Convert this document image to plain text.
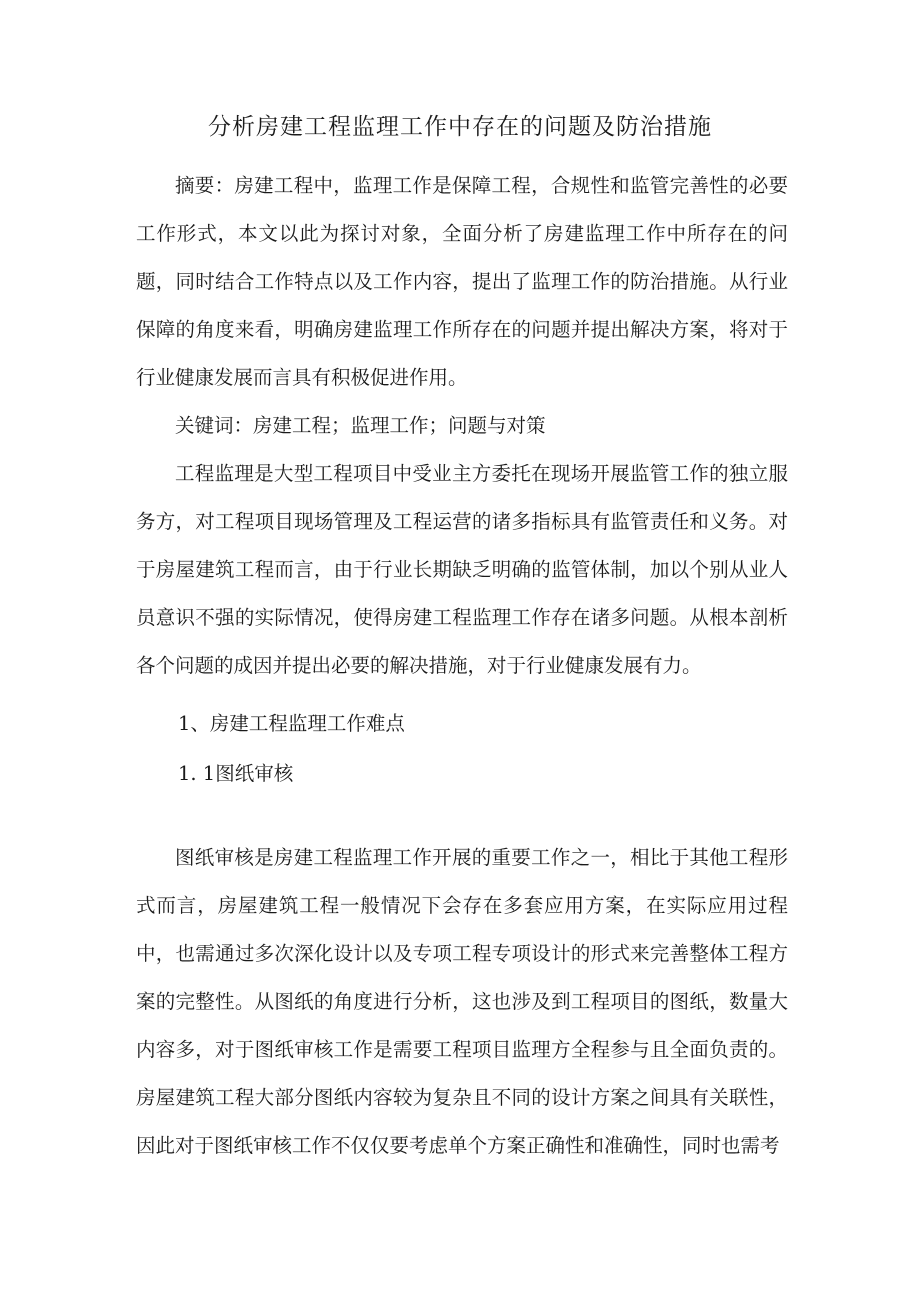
分析房建工程监理工作中存在的问题及防治措施

摘要：房建工程中，监理工作是保障工程，合规性和监管完善性的必要工作形式，本文以此为探讨对象，全面分析了房建监理工作中所存在的问题，同时结合工作特点以及工作内容，提出了监理工作的防治措施。从行业保障的角度来看，明确房建监理工作所存在的问题并提出解决方案，将对于行业健康发展而言具有积极促进作用。

关键词：房建工程；监理工作；问题与对策

工程监理是大型工程项目中受业主方委托在现场开展监管工作的独立服务方，对工程项目现场管理及工程运营的诸多指标具有监管责任和义务。对于房屋建筑工程而言，由于行业长期缺乏明确的监管体制，加以个别从业人员意识不强的实际情况，使得房建工程监理工作存在诸多问题。从根本剖析各个问题的成因并提出必要的解决措施，对于行业健康发展有力。

1、房建工程监理工作难点

1. 1图纸审核

图纸审核是房建工程监理工作开展的重要工作之一，相比于其他工程形式而言，房屋建筑工程一般情况下会存在多套应用方案，在实际应用过程中，也需通过多次深化设计以及专项工程专项设计的形式来完善整体工程方案的完整性。从图纸的角度进行分析，这也涉及到工程项目的图纸，数量大内容多，对于图纸审核工作是需要工程项目监理方全程参与且全面负责的。房屋建筑工程大部分图纸内容较为复杂且不同的设计方案之间具有关联性，因此对于图纸审核工作不仅仅要考虑单个方案正确性和准确性，同时也需考
